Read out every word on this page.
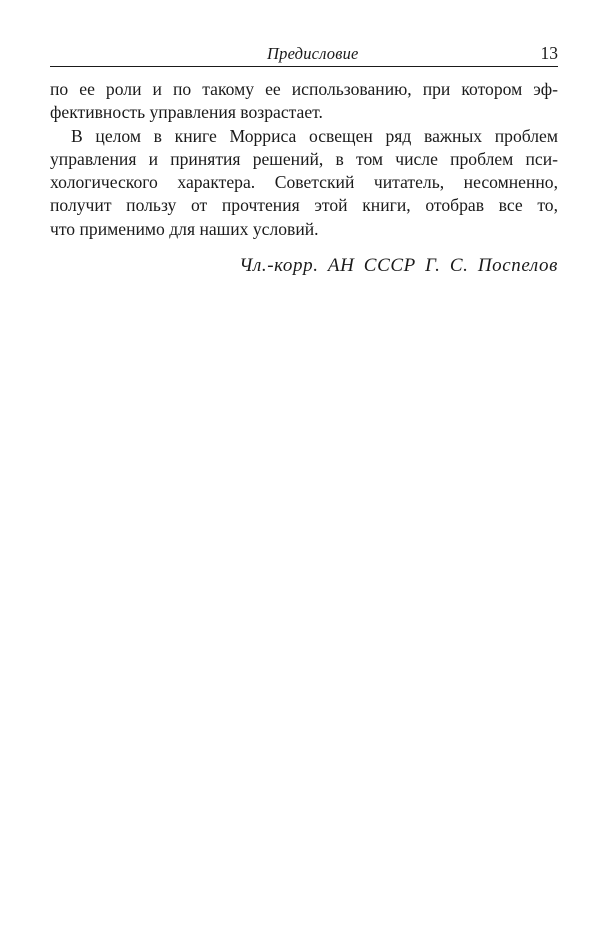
Предисловие	13

по ее роли и по такому ее использованию, при котором эф-
фективность управления возрастает.

В целом в книге Морриса освещен ряд важных проблем
управления и принятия решений, в том числе проблем пси-
хологического характера. Советский читатель, несомненно,
получит пользу от прочтения этой книги, отобрав все то,
что применимо для наших условий.

Чл.-корр. АН СССР Г. С. Поспелов
